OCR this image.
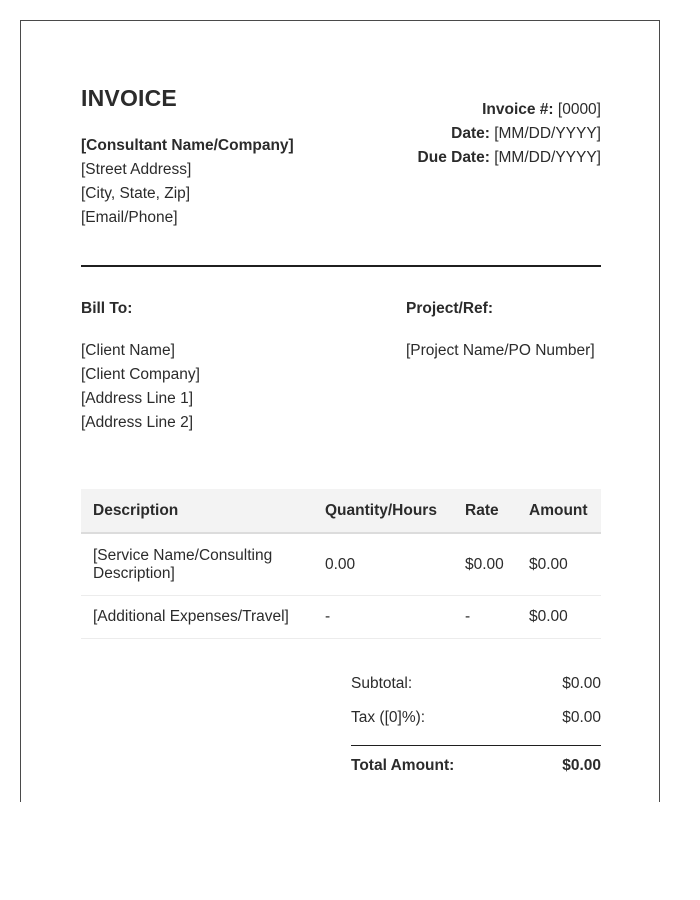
INVOICE
[Consultant Name/Company]
[Street Address]
[City, State, Zip]
[Email/Phone]
Invoice #: [0000]
Date: [MM/DD/YYYY]
Due Date: [MM/DD/YYYY]
Bill To:
[Client Name]
[Client Company]
[Address Line 1]
[Address Line 2]
Project/Ref:
[Project Name/PO Number]
Description	Quantity/Hours	Rate	Amount
[Service Name/Consulting Description]	0.00	$0.00	$0.00
[Additional Expenses/Travel]	-	-	$0.00
Subtotal:	$0.00
Tax ([0]%):	$0.00
Total Amount:	$0.00
